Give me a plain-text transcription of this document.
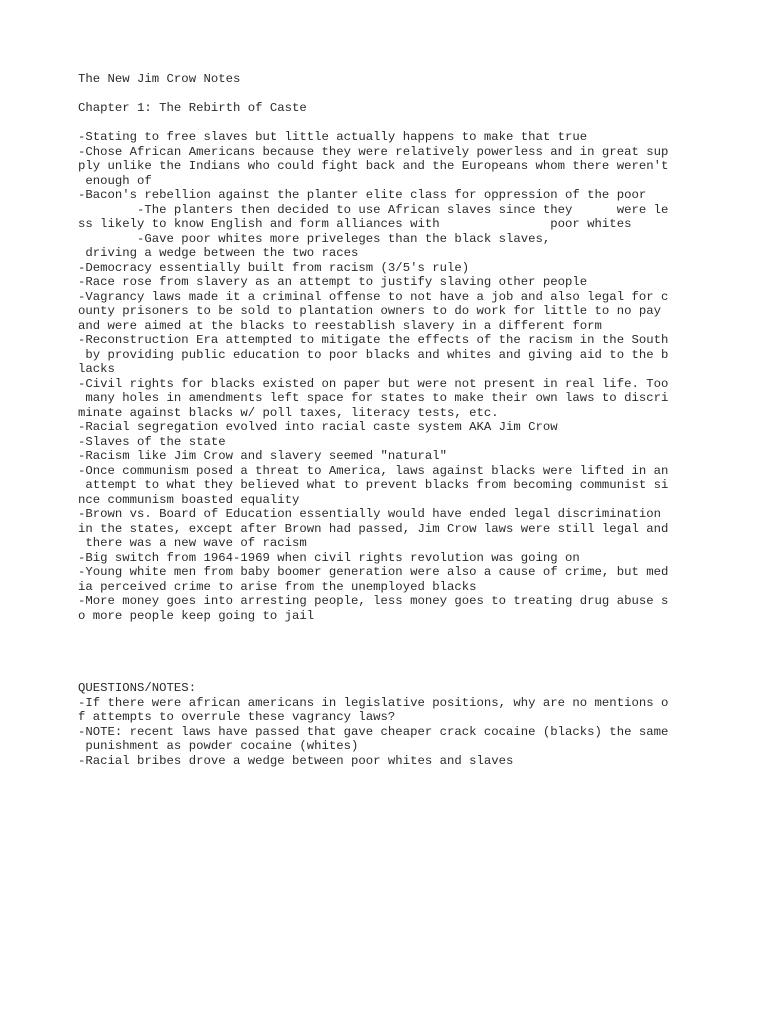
The New Jim Crow Notes
Chapter 1: The Rebirth of Caste
-Stating to free slaves but little actually happens to make that true
-Chose African Americans because they were relatively powerless and in great sup
ply unlike the Indians who could fight back and the Europeans whom there weren't
enough of
-Bacon's rebellion against the planter elite class for oppression of the poor
-The planters then decided to use African slaves since they      were le
ss likely to know English and form alliances with               poor whites
-Gave poor whites more priveleges than the black slaves,
driving a wedge between the two races
-Democracy essentially built from racism (3/5's rule)
-Race rose from slavery as an attempt to justify slaving other people
-Vagrancy laws made it a criminal offense to not have a job and also legal for c
ounty prisoners to be sold to plantation owners to do work for little to no pay
and were aimed at the blacks to reestablish slavery in a different form
-Reconstruction Era attempted to mitigate the effects of the racism in the South
by providing public education to poor blacks and whites and giving aid to the b
lacks
-Civil rights for blacks existed on paper but were not present in real life. Too
many holes in amendments left space for states to make their own laws to discri
minate against blacks w/ poll taxes, literacy tests, etc.
-Racial segregation evolved into racial caste system AKA Jim Crow
-Slaves of the state
-Racism like Jim Crow and slavery seemed "natural"
-Once communism posed a threat to America, laws against blacks were lifted in an
attempt to what they believed what to prevent blacks from becoming communist si
nce communism boasted equality
-Brown vs. Board of Education essentially would have ended legal discrimination
in the states, except after Brown had passed, Jim Crow laws were still legal and
there was a new wave of racism
-Big switch from 1964-1969 when civil rights revolution was going on
-Young white men from baby boomer generation were also a cause of crime, but med
ia perceived crime to arise from the unemployed blacks
-More money goes into arresting people, less money goes to treating drug abuse s
o more people keep going to jail
QUESTIONS/NOTES:
-If there were african americans in legislative positions, why are no mentions o
f attempts to overrule these vagrancy laws?
-NOTE: recent laws have passed that gave cheaper crack cocaine (blacks) the same
punishment as powder cocaine (whites)
-Racial bribes drove a wedge between poor whites and slaves
